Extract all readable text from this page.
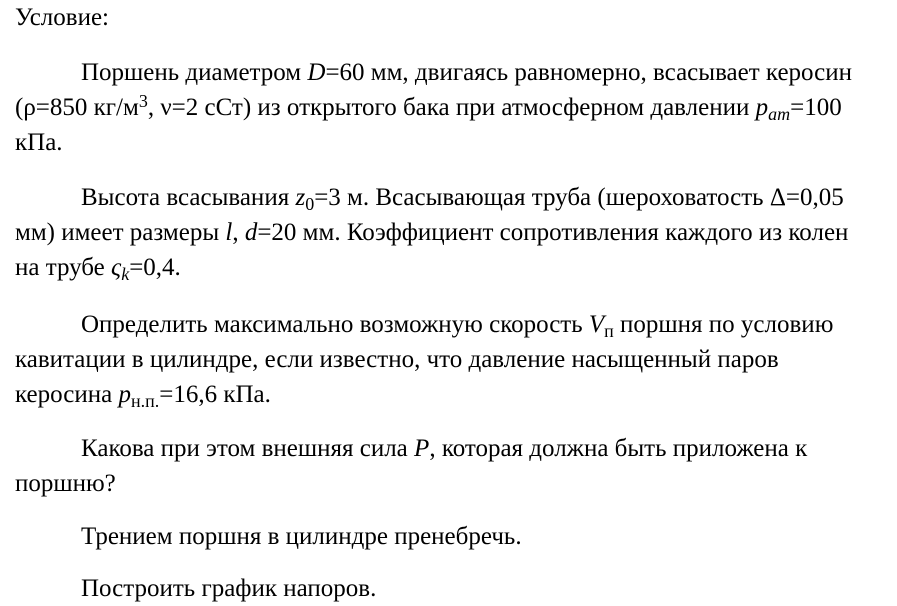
Условие:
Поршень диаметром D=60 мм, двигаясь равномерно, всасывает керосин
(ρ=850 $кг/м^3$, ν=2 сСт) из открытого бака при атмосферном давлении $p_{ат}=100$
кПа.
Высота всасывания $z_0=3$ м. Всасывающая труба (шероховатость Δ=0,05
мм) имеет размеры l, d=20 мм. Коэффициент сопротивления каждого из колен
на трубе $\varsigma_k=0,4$.
Определить максимально возможную скорость $V_п$ поршня по условию
кавитации в цилиндре, если известно, что давление насыщенный паров
керосина $p_{н.п.}=16,6$ кПа.
Какова при этом внешняя сила P, которая должна быть приложена к
поршню?
Трением поршня в цилиндре пренебречь.
Построить график напоров.
